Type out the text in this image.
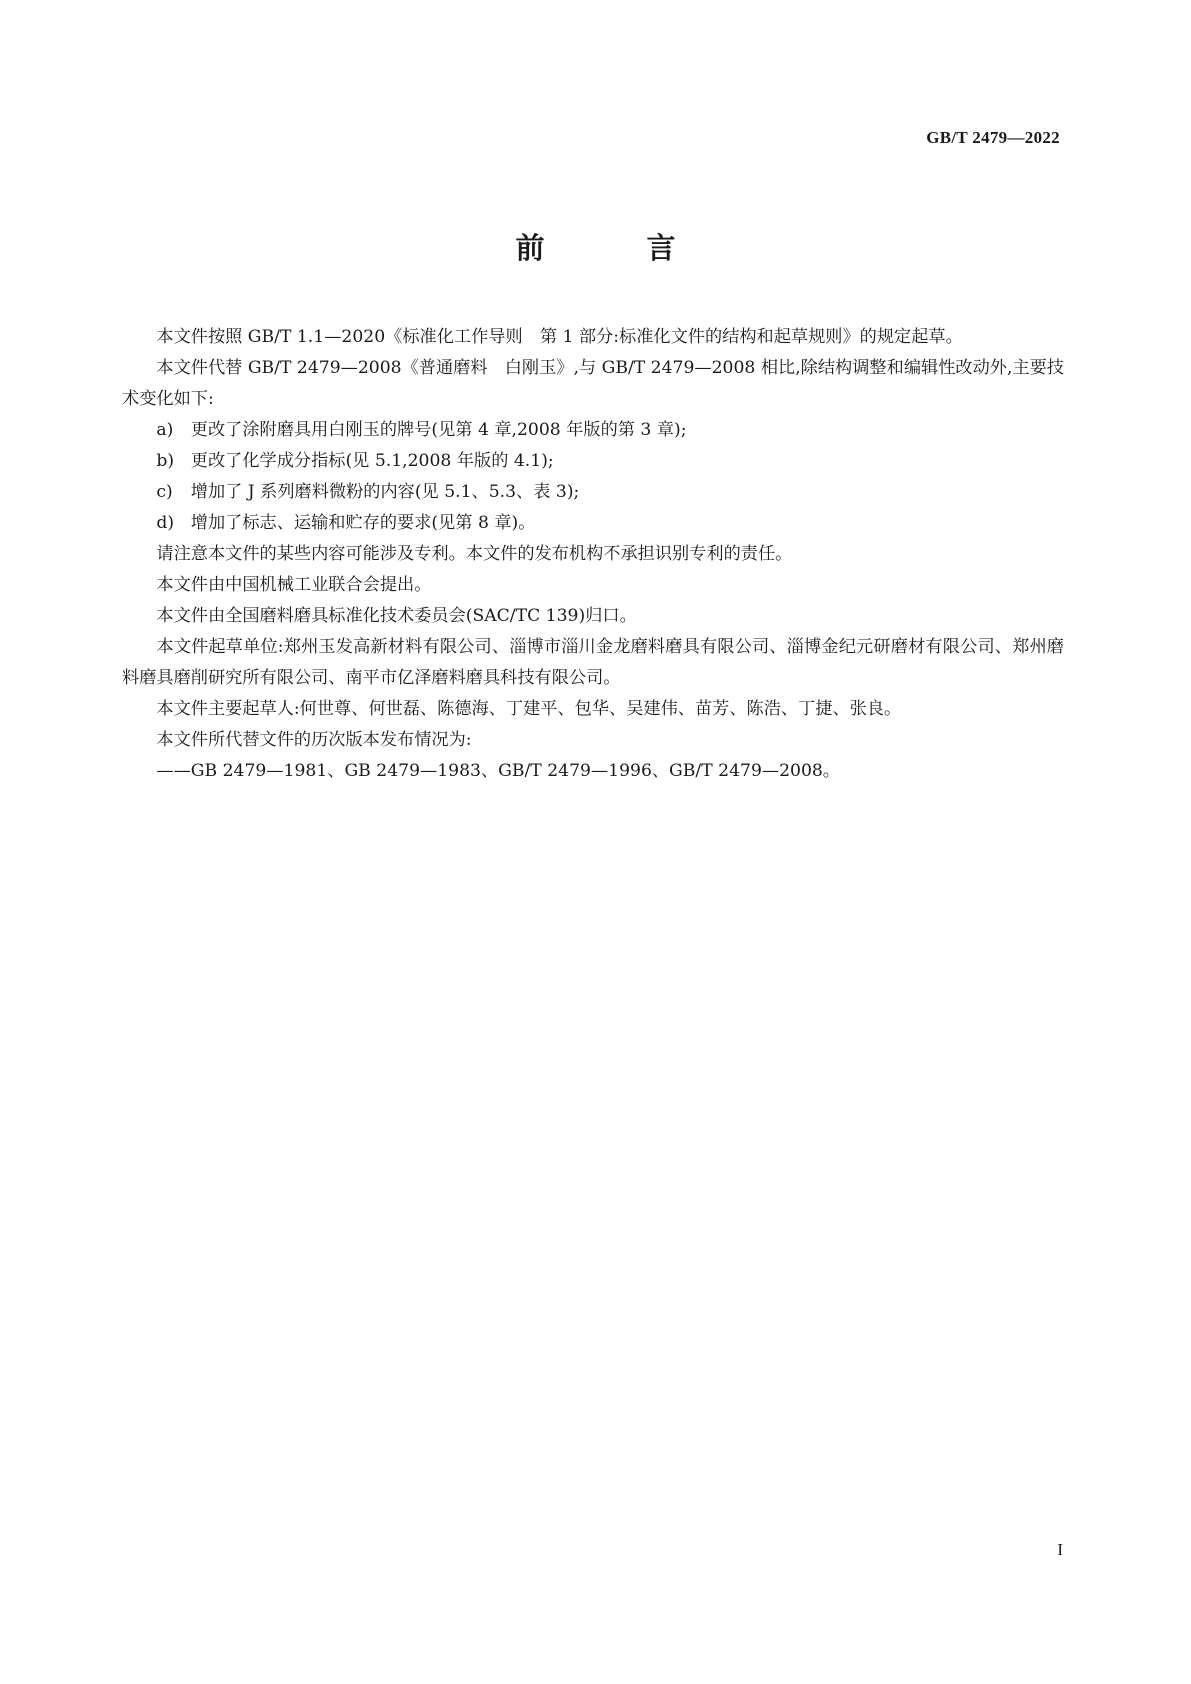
GB/T 2479—2022
前 言

本文件按照 GB/T 1.1—2020《标准化工作导则　第 1 部分:标准化文件的结构和起草规则》的规定起草。

本文件代替 GB/T 2479—2008《普通磨料　白刚玉》,与 GB/T 2479—2008 相比,除结构调整和编辑性改动外,主要技术变化如下:

a) 更改了涂附磨具用白刚玉的牌号(见第 4 章,2008 年版的第 3 章);

b) 更改了化学成分指标(见 5.1,2008 年版的 4.1);

c) 增加了 J 系列磨料微粉的内容(见 5.1、5.3、表 3);

d) 增加了标志、运输和贮存的要求(见第 8 章)。

请注意本文件的某些内容可能涉及专利。本文件的发布机构不承担识别专利的责任。

本文件由中国机械工业联合会提出。

本文件由全国磨料磨具标准化技术委员会(SAC/TC 139)归口。

本文件起草单位:郑州玉发高新材料有限公司、淄博市淄川金龙磨料磨具有限公司、淄博金纪元研磨材有限公司、郑州磨料磨具磨削研究所有限公司、南平市亿泽磨料磨具科技有限公司。

本文件主要起草人:何世尊、何世磊、陈德海、丁建平、包华、吴建伟、苗芳、陈浩、丁捷、张良。

本文件所代替文件的历次版本发布情况为:

——GB 2479—1981、GB 2479—1983、GB/T 2479—1996、GB/T 2479—2008。

I
